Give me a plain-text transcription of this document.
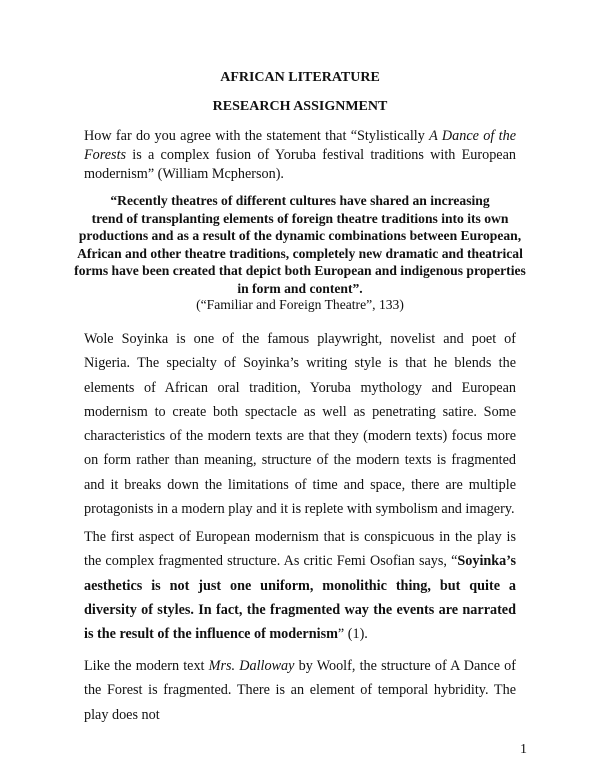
AFRICAN LITERATURE

RESEARCH ASSIGNMENT

How far do you agree with the statement that “Stylistically A Dance of the Forests is a complex fusion of Yoruba festival traditions with European modernism” (William Mcpherson).

“Recently theatres of different cultures have shared an increasing
trend of transplanting elements of foreign theatre traditions into its own
productions and as a result of the dynamic combinations between European,
African and other theatre traditions, completely new dramatic and theatrical
forms have been created that depict both European and indigenous properties
in form and content”.

(“Familiar and Foreign Theatre”, 133)

Wole Soyinka is one of the famous playwright, novelist and poet of Nigeria. The specialty of Soyinka’s writing style is that he blends the elements of African oral tradition, Yoruba mythology and European modernism to create both spectacle as well as penetrating satire. Some characteristics of the modern texts are that they (modern texts) focus more on form rather than meaning, structure of the modern texts is fragmented and it breaks down the limitations of time and space, there are multiple protagonists in a modern play and it is replete with symbolism and imagery.

The first aspect of European modernism that is conspicuous in the play is the complex fragmented structure. As critic Femi Osofian says, “Soyinka’s aesthetics is not just one uniform, monolithic thing, but quite a diversity of styles. In fact, the fragmented way the events are narrated is the result of the influence of modernism” (1).

Like the modern text Mrs. Dalloway by Woolf, the structure of A Dance of the Forest is fragmented. There is an element of temporal hybridity. The play does not

1
